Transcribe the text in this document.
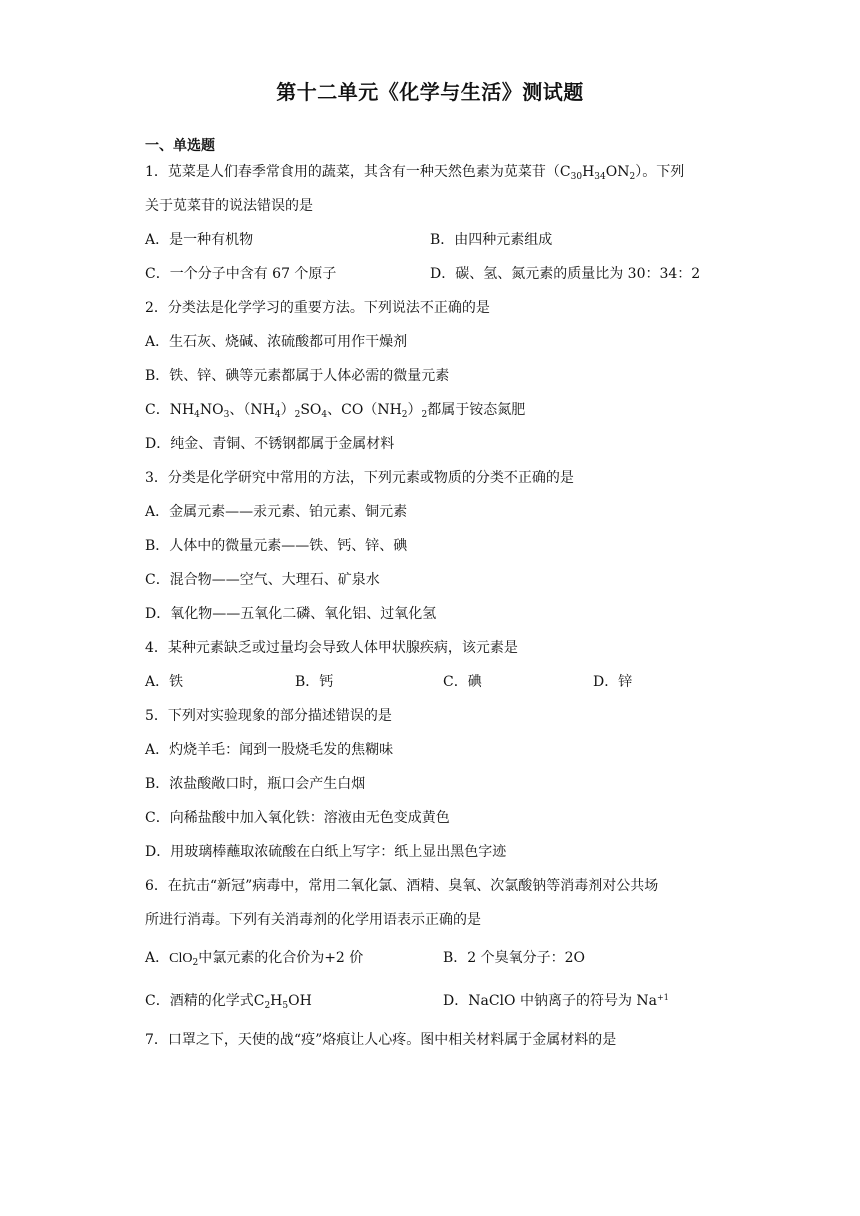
第十二单元《化学与生活》测试题
一、单选题
1．苋菜是人们春季常食用的蔬菜，其含有一种天然色素为苋菜苷$(C_{30}H_{34}ON_2)$。下列
关于苋菜苷的说法错误的是
A．是一种有机物	B．由四种元素组成
C．一个分子中含有 67 个原子	D．碳、氢、氮元素的质量比为 30：34：2
2．分类法是化学学习的重要方法。下列说法不正确的是
A．生石灰、烧碱、浓硫酸都可用作干燥剂
B．铁、锌、碘等元素都属于人体必需的微量元素
C．$NH_4NO_3$、$(NH_4)_2SO_4$、$CO(NH_2)_2$都属于铵态氮肥
D．纯金、青铜、不锈钢都属于金属材料
3．分类是化学研究中常用的方法，下列元素或物质的分类不正确的是
A．金属元素——汞元素、铂元素、铜元素
B．人体中的微量元素——铁、钙、锌、碘
C．混合物——空气、大理石、矿泉水
D．氧化物——五氧化二磷、氧化铝、过氧化氢
4．某种元素缺乏或过量均会导致人体甲状腺疾病，该元素是
A．铁	B．钙	C．碘	D．锌
5．下列对实验现象的部分描述错误的是
A．灼烧羊毛：闻到一股烧毛发的焦糊味
B．浓盐酸敞口时，瓶口会产生白烟
C．向稀盐酸中加入氧化铁：溶液由无色变成黄色
D．用玻璃棒蘸取浓硫酸在白纸上写字：纸上显出黑色字迹
6．在抗击“新冠”病毒中，常用二氧化氯、酒精、臭氧、次氯酸钠等消毒剂对公共场
所进行消毒。下列有关消毒剂的化学用语表示正确的是
A．ClO$_2$中氯元素的化合价为+2 价	B．2 个臭氧分子：2O
C．酒精的化学式$C_2H_5OH$	D．NaClO 中钠离子的符号为 $Na^{+1}$
7．口罩之下，天使的战“疫”烙痕让人心疼。图中相关材料属于金属材料的是
